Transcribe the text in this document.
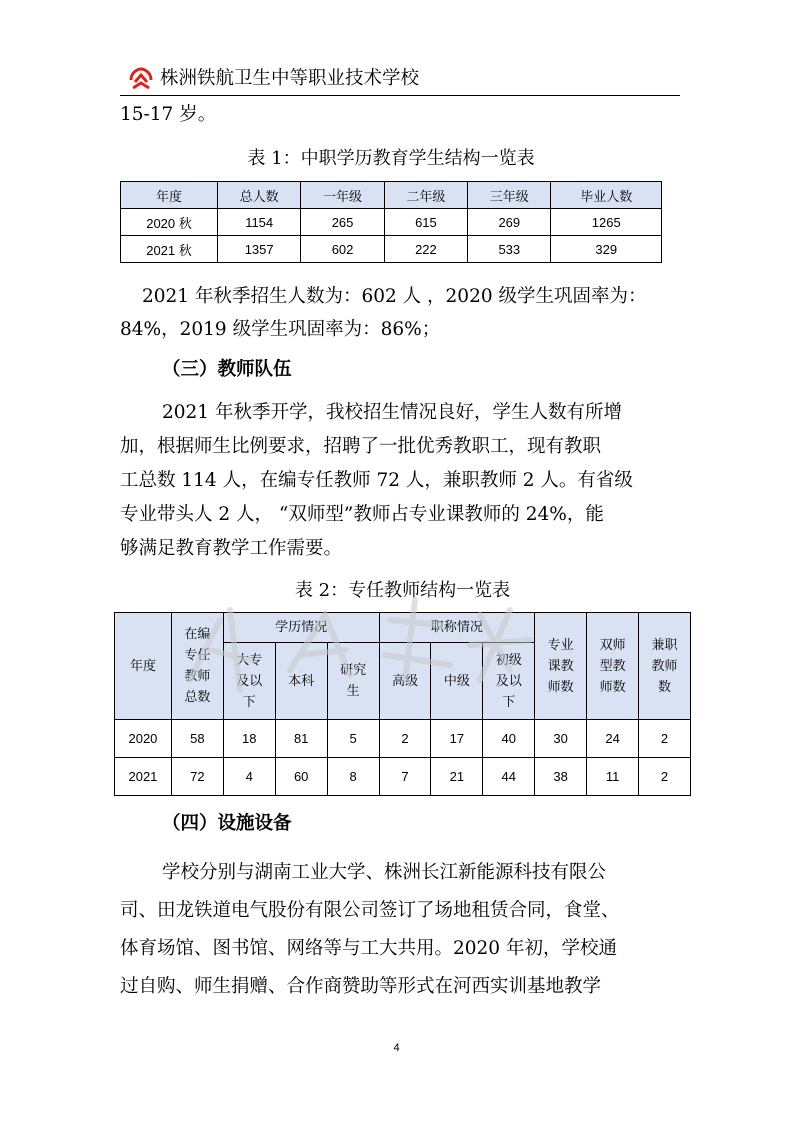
株洲铁航卫生中等职业技术学校
15-17 岁。
表 1：中职学历教育学生结构一览表
年度	总人数	一年级	二年级	三年级	毕业人数
2020 秋	1154	265	615	269	1265
2021 秋	1357	602	222	533	329
2021 年秋季招生人数为：602 人 ，2020 级学生巩固率为：
84%，2019 级学生巩固率为：86%；
（三）教师队伍
2021 年秋季开学，我校招生情况良好，学生人数有所增
加，根据师生比例要求，招聘了一批优秀教职工，现有教职
工总数 114 人，在编专任教师 72 人，兼职教师 2 人。有省级
专业带头人 2 人， “双师型”教师占专业课教师的 24%，能
够满足教育教学工作需要。
表 2：专任教师结构一览表
年度	在编专任教师总数	学历情况			职称情况			专业课教师数	双师型教师数	兼职教师数
		大专及以下	本科	研究生	高级	中级	初级及以下			
2020	58	18	81	5	2	17	40	30	24	2
2021	72	4	60	8	7	21	44	38	11	2
（四）设施设备
学校分别与湖南工业大学、株洲长江新能源科技有限公
司、田龙铁道电气股份有限公司签订了场地租赁合同，食堂、
体育场馆、图书馆、网络等与工大共用。2020 年初，学校通
过自购、师生捐赠、合作商赞助等形式在河西实训基地教学
4
